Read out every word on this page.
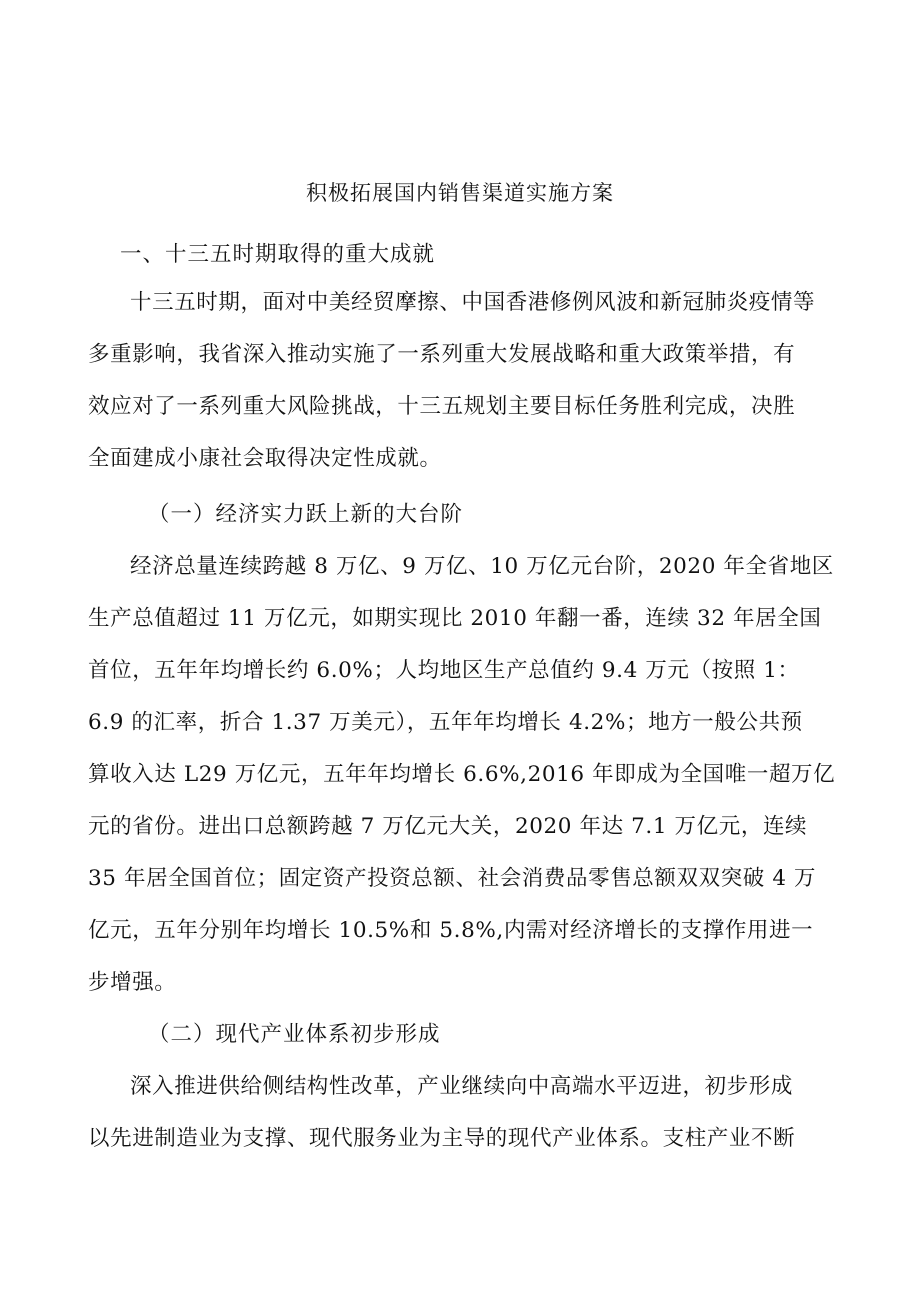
积极拓展国内销售渠道实施方案
一、十三五时期取得的重大成就
十三五时期，面对中美经贸摩擦、中国香港修例风波和新冠肺炎疫情等
多重影响，我省深入推动实施了一系列重大发展战略和重大政策举措，有
效应对了一系列重大风险挑战，十三五规划主要目标任务胜利完成，决胜
全面建成小康社会取得决定性成就。
（一）经济实力跃上新的大台阶
经济总量连续跨越 8 万亿、9 万亿、10 万亿元台阶，2020 年全省地区
生产总值超过 11 万亿元，如期实现比 2010 年翻一番，连续 32 年居全国
首位，五年年均增长约 6.0%；人均地区生产总值约 9.4 万元（按照 1：
6.9 的汇率，折合 1.37 万美元），五年年均增长 4.2%；地方一般公共预
算收入达 L29 万亿元，五年年均增长 6.6%,2016 年即成为全国唯一超万亿
元的省份。进出口总额跨越 7 万亿元大关，2020 年达 7.1 万亿元，连续
35 年居全国首位；固定资产投资总额、社会消费品零售总额双双突破 4 万
亿元，五年分别年均增长 10.5%和 5.8%,内需对经济增长的支撑作用进一
步增强。
（二）现代产业体系初步形成
深入推进供给侧结构性改革，产业继续向中高端水平迈进，初步形成
以先进制造业为支撑、现代服务业为主导的现代产业体系。支柱产业不断
